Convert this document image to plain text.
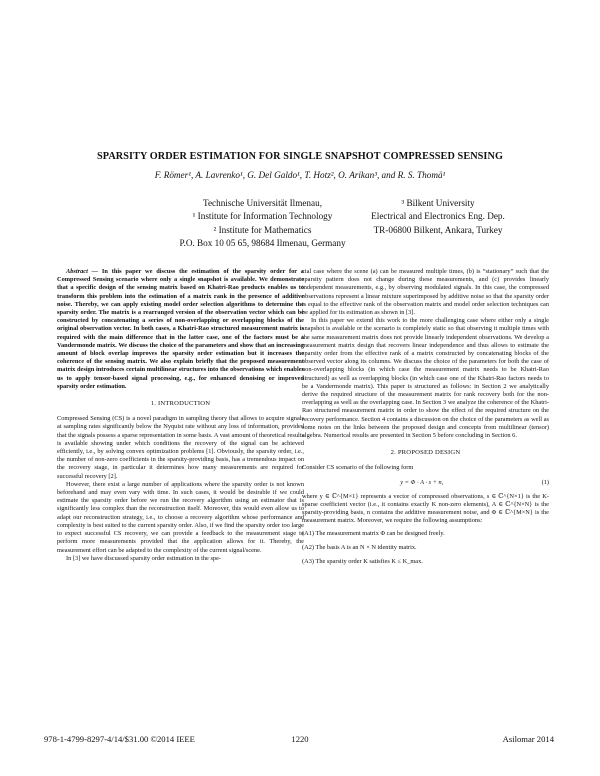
SPARSITY ORDER ESTIMATION FOR SINGLE SNAPSHOT COMPRESSED SENSING
F. Römer¹, A. Lavrenko¹, G. Del Galdo¹, T. Hotz², O. Arikan³, and R. S. Thomä¹
Technische Universität Ilmenau,
¹ Institute for Information Technology
² Institute for Mathematics
P.O. Box 10 05 65, 98684 Ilmenau, Germany
³ Bilkent University
Electrical and Electronics Eng. Dep.
TR-06800 Bilkent, Ankara, Turkey

Abstract — In this paper we discuss the estimation of the sparsity order for a Compressed Sensing scenario where only a single snapshot is available. We demonstrate that a specific design of the sensing matrix based on Khatri-Rao products enables us to transform this problem into the estimation of a matrix rank in the presence of additive noise. Thereby, we can apply existing model order selection algorithms to determine the sparsity order. The matrix is a rearranged version of the observation vector which can be constructed by concatenating a series of non-overlapping or overlapping blocks of the original observation vector. In both cases, a Khatri-Rao structured measurement matrix is required with the main difference that in the latter case, one of the factors must be a Vandermonde matrix. We discuss the choice of the parameters and show that an increasing amount of block overlap improves the sparsity order estimation but it increases the coherence of the sensing matrix. We also explain briefly that the proposed measurement matrix design introduces certain multilinear structures into the observations which enables us to apply tensor-based signal processing, e.g., for enhanced denoising or improved sparsity order estimation.

1. INTRODUCTION

Compressed Sensing (CS) is a novel paradigm in sampling theory that allows to acquire signals at sampling rates significantly below the Nyquist rate without any loss of information, provided that the signals possess a sparse representation in some basis. A vast amount of theoretical results is available showing under which conditions the recovery of the signal can be achieved efficiently, i.e., by solving convex optimization problems [1]. Obviously, the sparsity order, i.e., the number of non-zero coefficients in the sparsity-providing basis, has a tremendous impact on the recovery stage, in particular it determines how many measurements are required for successful recovery [2].

However, there exist a large number of applications where the sparsity order is not known beforehand and may even vary with time. In such cases, it would be desirable if we could estimate the sparsity order before we run the recovery algorithm using an estimator that is significantly less complex than the reconstruction itself. Moreover, this would even allow us to adapt our reconstruction strategy, i.e., to choose a recovery algorithm whose performance and complexity is best suited to the current sparsity order. Also, if we find the sparsity order too large to expect successful CS recovery, we can provide a feedback to the measurement stage to perform more measurements provided that the application allows for it. Thereby, the measurement effort can be adapted to the complexity of the current signal/scene.

In [3] we have discussed sparsity order estimation in the spe-

cial case where the scene (a) can be measured multiple times, (b) is “stationary” such that the sparsity pattern does not change during these measurements, and (c) provides linearly independent measurements, e.g., by observing modulated signals. In this case, the compressed observations represent a linear mixture superimposed by additive noise so that the sparsity order is equal to the effective rank of the observation matrix and model order selection techniques can be applied for its estimation as shown in [3].

In this paper we extend this work to the more challenging case where either only a single snapshot is available or the scenario is completely static so that observing it multiple times with the same measurement matrix does not provide linearly independent observations. We develop a measurement matrix design that recovers linear independence and thus allows to estimate the sparsity order from the effective rank of a matrix constructed by concatenating blocks of the observed vector along its columns. We discuss the choice of the parameters for both the case of non-overlapping blocks (in which case the measurement matrix needs to be Khatri-Rao structured) as well as overlapping blocks (in which case one of the Khatri-Rao factors needs to be a Vandermonde matrix). This paper is structured as follows: in Section 2 we analytically derive the required structure of the measurement matrix for rank recovery both for the non-overlapping as well as the overlapping case. In Section 3 we analyze the coherence of the Khatri-Rao structured measurement matrix in order to show the effect of the required structure on the recovery performance. Section 4 contains a discussion on the choice of the parameters as well as some notes on the links between the proposed design and concepts from multilinear (tensor) algebra. Numerical results are presented in Section 5 before concluding in Section 6.

2. PROPOSED DESIGN

Consider CS scenario of the following form

y = Φ · A · s + n,	(1)

where y ∈ ℂ^{M×1} represents a vector of compressed observations, s ∈ ℂ^{N×1} is the K-sparse coefficient vector (i.e., it contains exactly K non-zero elements), A ∈ ℂ^{N×N} is the sparsity-providing basis, n contains the additive measurement noise, and Φ ∈ ℂ^{M×N} is the measurement matrix. Moreover, we require the following assumptions:

(A1) The measurement matrix Φ can be designed freely.
(A2) The basis A is an N × N identity matrix.
(A3) The sparsity order K satisfies K ≤ K_max.
978-1-4799-8297-4/14/$31.00 ©2014 IEEE	1220	Asilomar 2014
